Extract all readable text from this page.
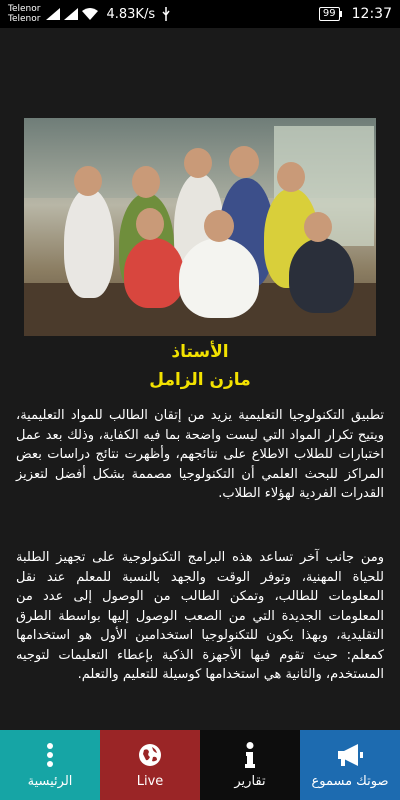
Telenor
Telenor	4.83K/s	99 12:37
الأستاذ
مازن الزامل

تطبيق التكنولوجيا التعليمية يزيد من إتقان الطالب للمواد التعليمية، ويتيح تكرار المواد التي ليست واضحة بما فيه الكفاية، وذلك بعد عمل اختبارات للطلاب الاطلاع على نتائجهم، وأظهرت نتائج دراسات بعض المراكز للبحث العلمي أن التكنولوجيا مصممة بشكل أفضل لتعزيز القدرات الفردية لهؤلاء الطلاب.

ومن جانب آخر تساعد هذه البرامج التكنولوجية على تجهيز الطلبة للحياة المهنية، وتوفر الوقت والجهد بالنسبة للمعلم عند نقل المعلومات للطالب، وتمكن الطالب من الوصول إلى عدد من المعلومات الجديدة التي من الصعب الوصول إليها بواسطة الطرق التقليدية، وبهذا يكون للتكنولوجيا استخدامين الأول هو استخدامها كمعلم: حيث تقوم فيها الأجهزة الذكية بإعطاء التعليمات لتوجيه المستخدم، والثانية هي استخدامها كوسيلة للتعليم والتعلم.

الرئيسية	Live	تقارير	صوتك مسموع
